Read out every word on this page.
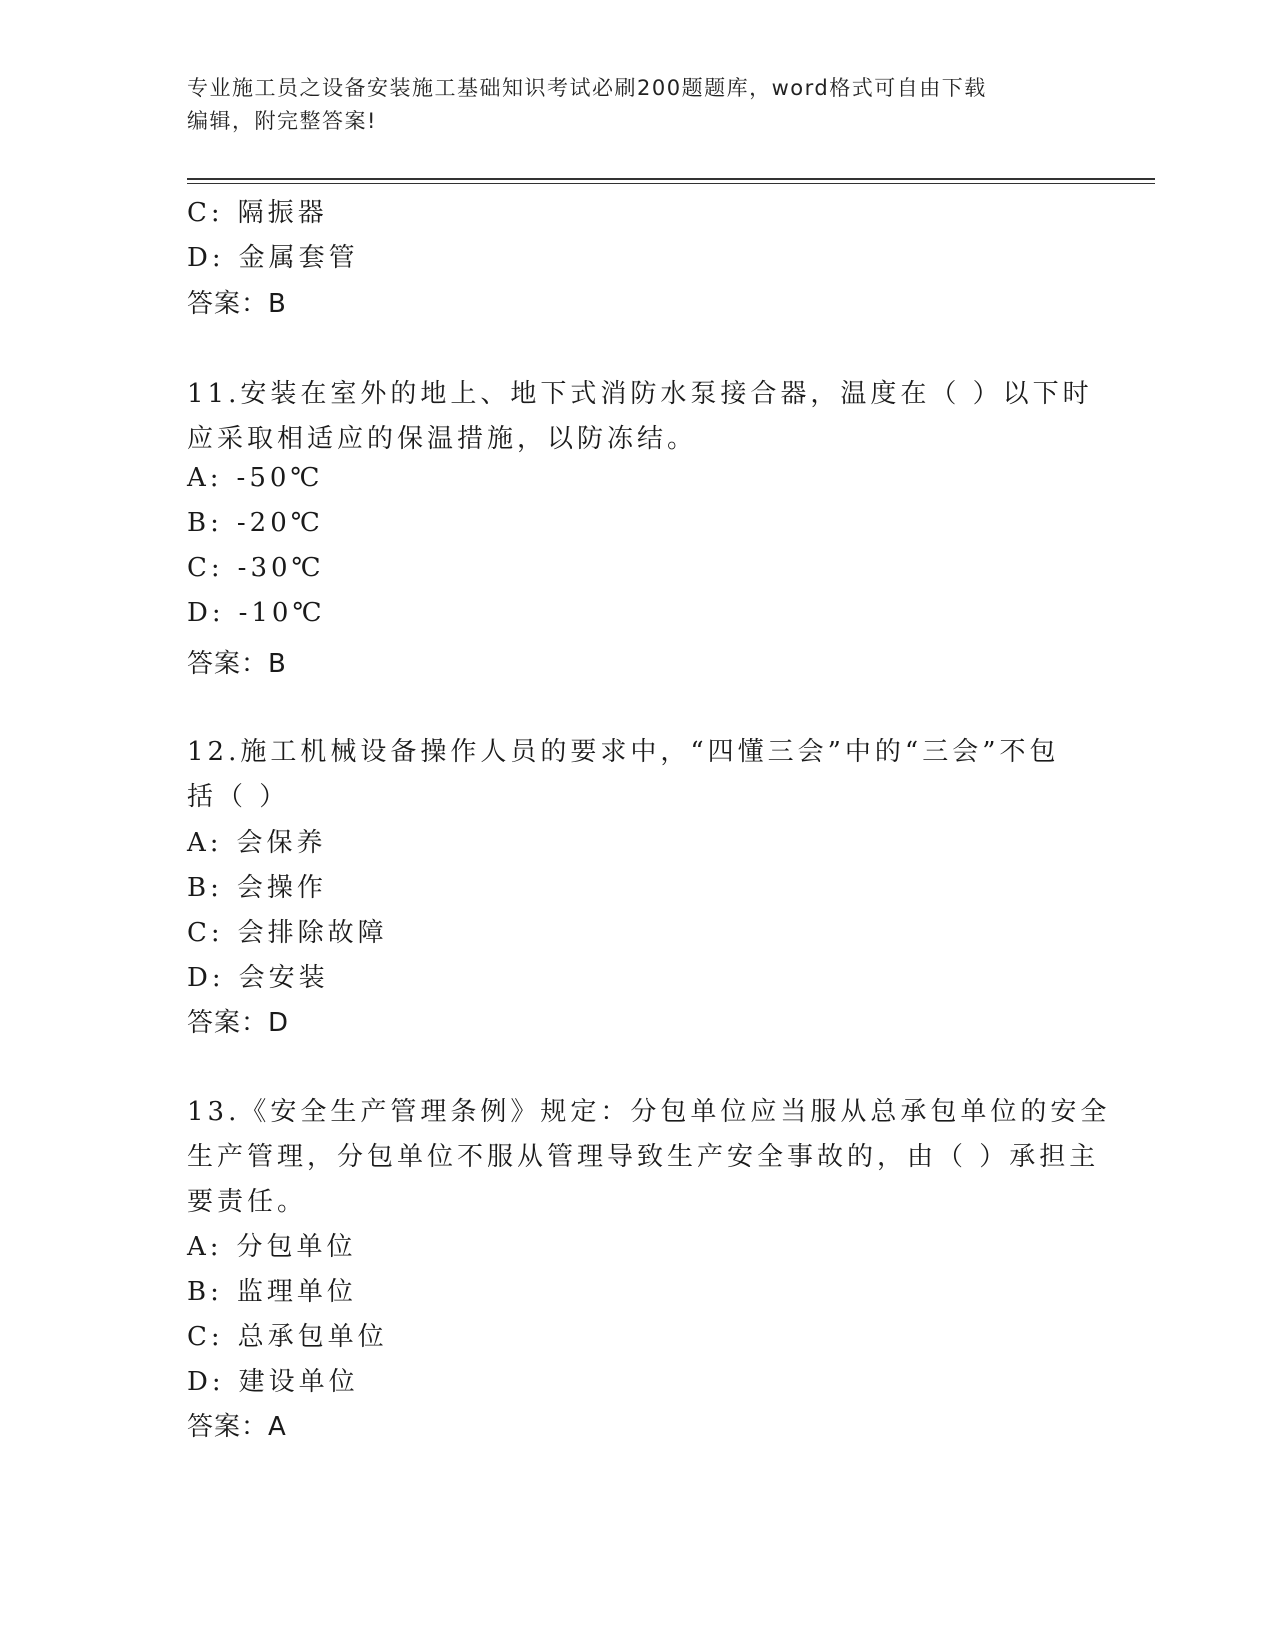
专业施工员之设备安装施工基础知识考试必刷200题题库，word格式可自由下载
编辑，附完整答案!
C: 隔振器
D: 金属套管
答案：B
11.安装在室外的地上、地下式消防水泵接合器，温度在（ ）以下时
应采取相适应的保温措施，以防冻结。
A: -50℃
B: -20℃
C: -30℃
D: -10℃
答案：B
12.施工机械设备操作人员的要求中，“四懂三会”中的“三会”不包
括（ ）
A: 会保养
B: 会操作
C: 会排除故障
D: 会安装
答案：D
13.《安全生产管理条例》规定：分包单位应当服从总承包单位的安全
生产管理，分包单位不服从管理导致生产安全事故的，由（ ）承担主
要责任。
A: 分包单位
B: 监理单位
C: 总承包单位
D: 建设单位
答案：A
